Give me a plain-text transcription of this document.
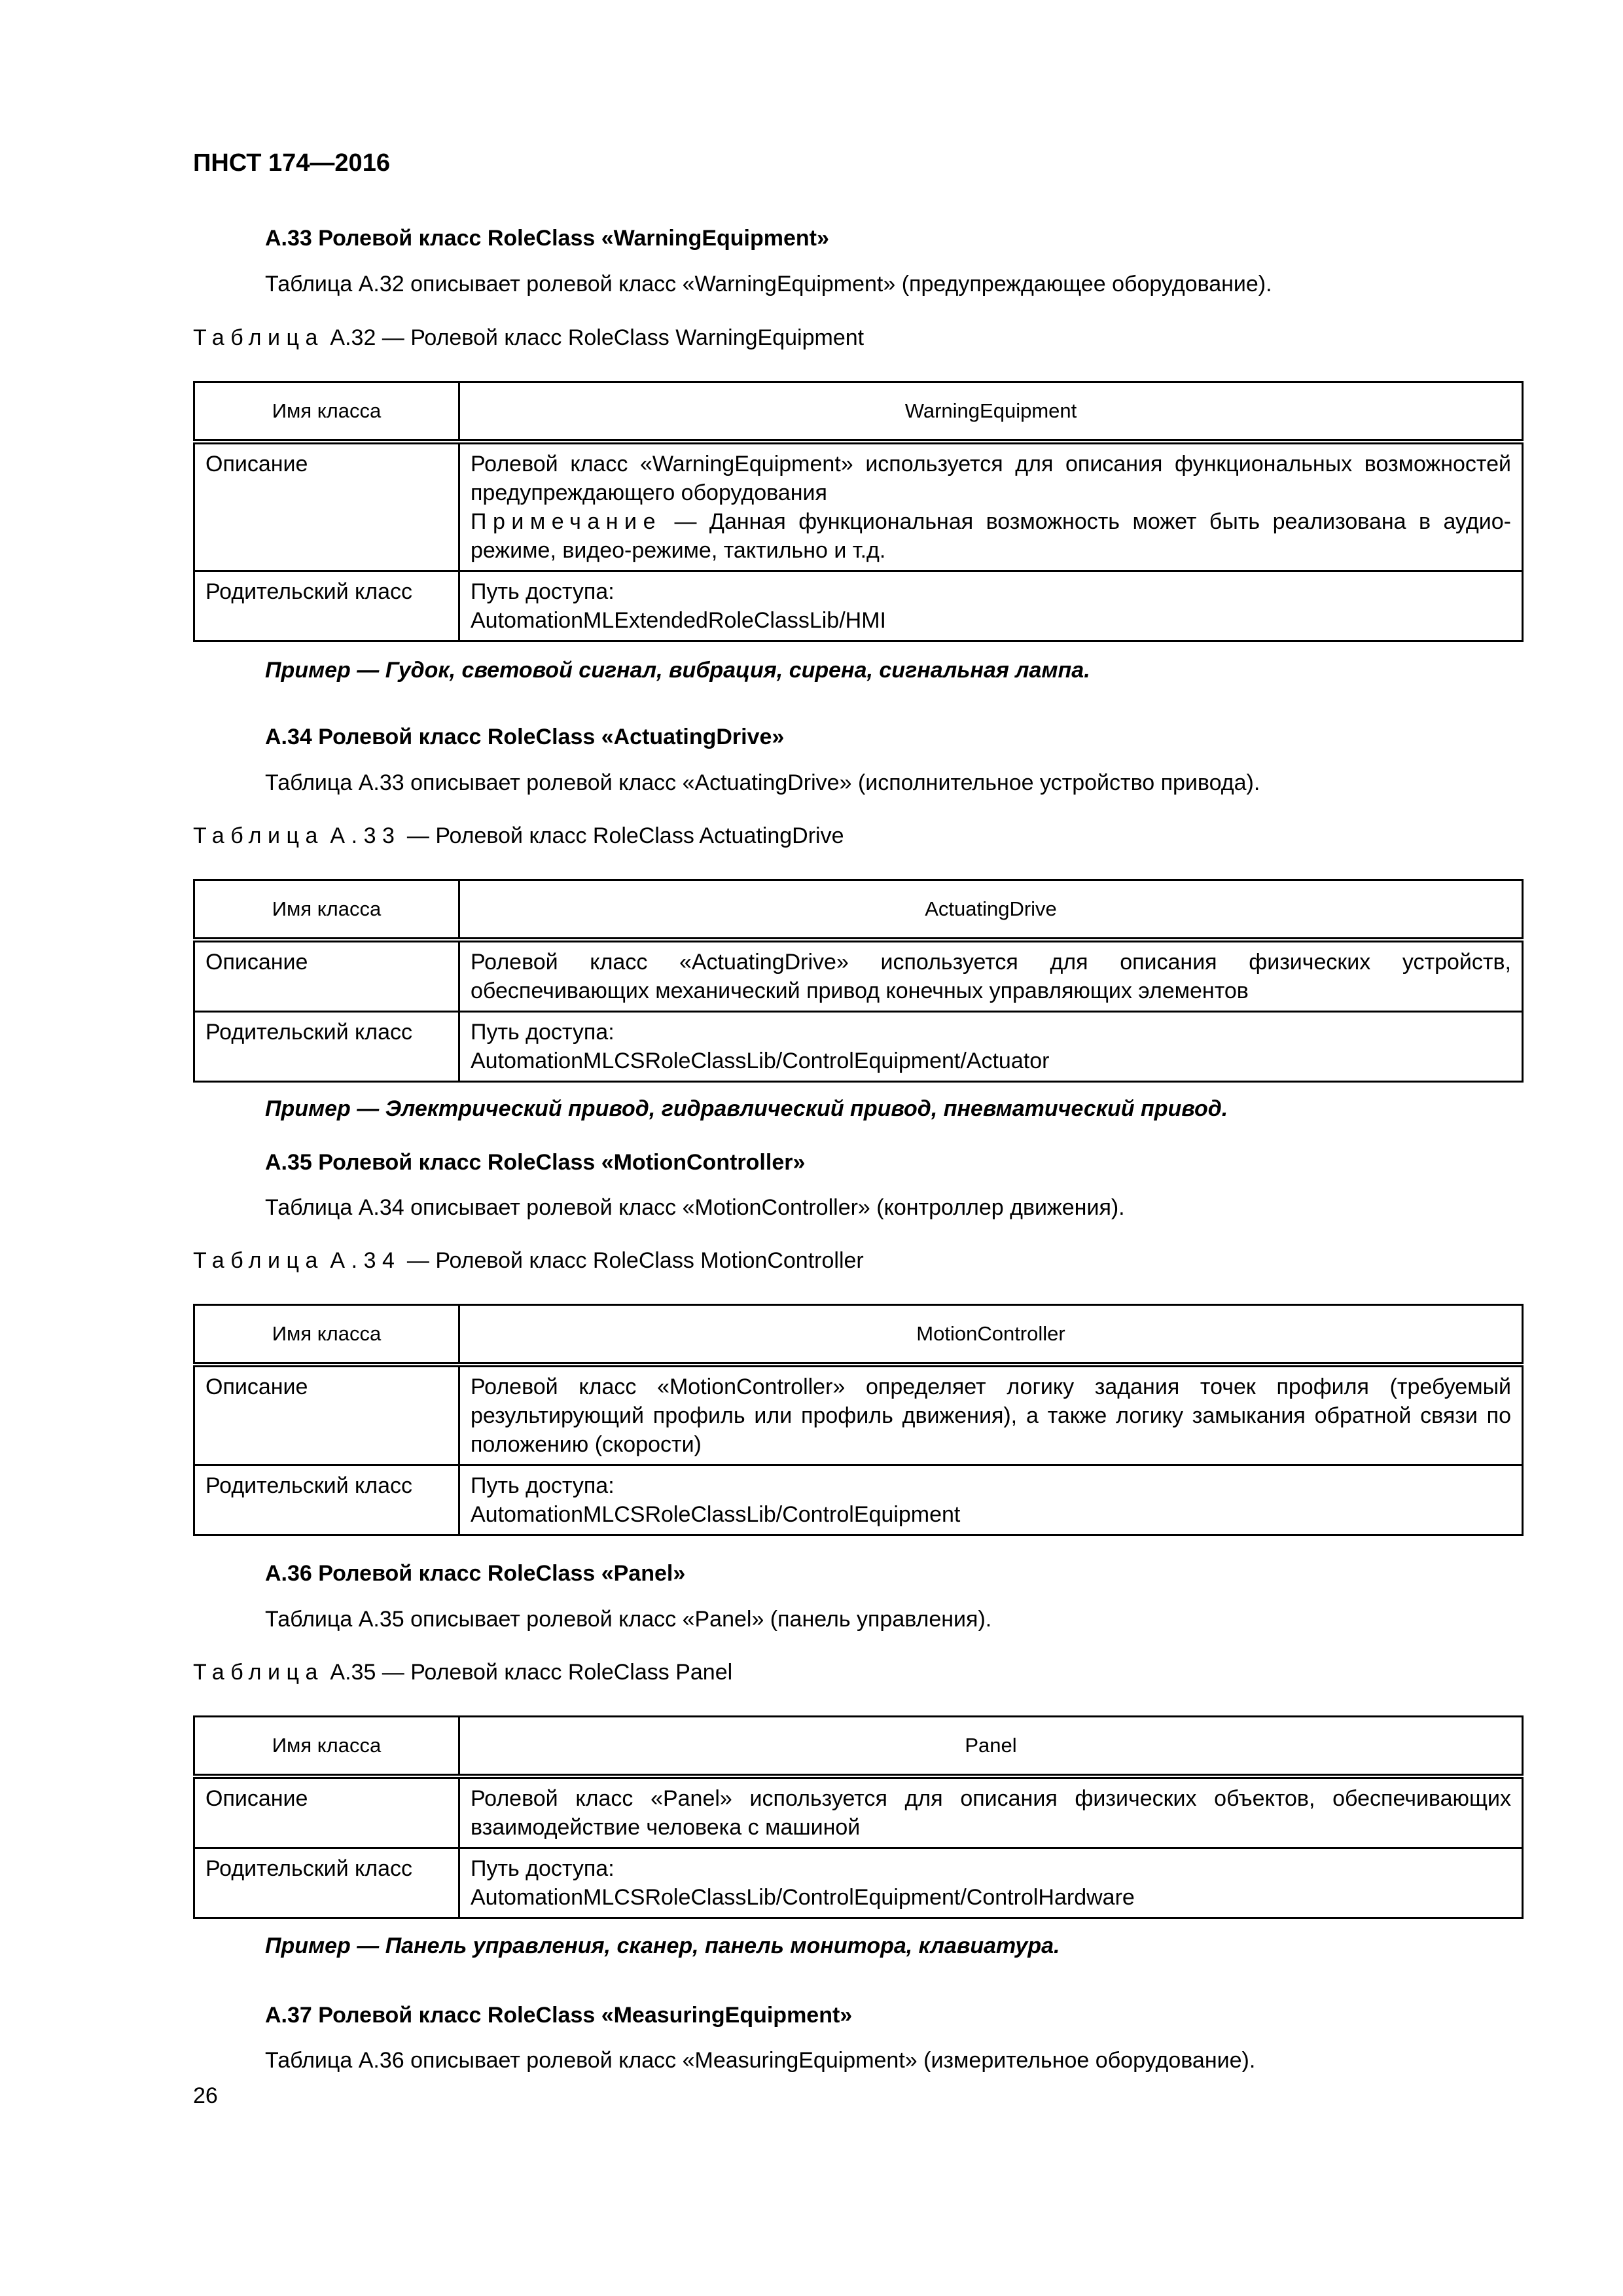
ПНСТ 174—2016
А.33 Ролевой класс RoleClass «WarningEquipment»
Таблица А.32 описывает ролевой класс «WarningEquipment» (предупреждающее оборудование).
Таблица А.32 — Ролевой класс RoleClass WarningEquipment
Имя класса	WarningEquipment
Описание	Ролевой класс «WarningEquipment» используется для описания функциональных возможностей предупреждающего оборудования
Примечание — Данная функциональная возможность может быть реализована в аудио-режиме, видео-режиме, тактильно и т.д.

Родительский класс	Путь доступа:
AutomationMLExtendedRoleClassLib/HMI
Пример — Гудок, световой сигнал, вибрация, сирена, сигнальная лампа.
А.34 Ролевой класс RoleClass «ActuatingDrive»
Таблица А.33 описывает ролевой класс «ActuatingDrive» (исполнительное устройство привода).
Таблица А.33 — Ролевой класс RoleClass ActuatingDrive
Имя класса	ActuatingDrive
Описание	Ролевой класс «ActuatingDrive» используется для описания физических устройств, обеспечивающих механический привод конечных управляющих элементов

Родительский класс	Путь доступа:
AutomationMLCSRoleClassLib/ControlEquipment/Actuator
Пример — Электрический привод, гидравлический привод, пневматический привод.
А.35 Ролевой класс RoleClass «MotionController»
Таблица А.34 описывает ролевой класс «MotionController» (контроллер движения).
Таблица А.34 — Ролевой класс RoleClass MotionController
Имя класса	MotionController
Описание	Ролевой класс «MotionController» определяет логику задания точек профиля (требуемый результирующий профиль или профиль движения), а также логику замыкания обратной связи по положению (скорости)

Родительский класс	Путь доступа:
AutomationMLCSRoleClassLib/ControlEquipment
А.36 Ролевой класс RoleClass «Panel»
Таблица А.35 описывает ролевой класс «Panel» (панель управления).
Таблица А.35 — Ролевой класс RoleClass Panel
Имя класса	Panel
Описание	Ролевой класс «Panel» используется для описания физических объектов, обеспечивающих взаимодействие человека с машиной

Родительский класс	Путь доступа:
AutomationMLCSRoleClassLib/ControlEquipment/ControlHardware
Пример — Панель управления, сканер, панель монитора, клавиатура.
А.37 Ролевой класс RoleClass «MeasuringEquipment»
Таблица А.36 описывает ролевой класс «MeasuringEquipment» (измерительное оборудование).
26
